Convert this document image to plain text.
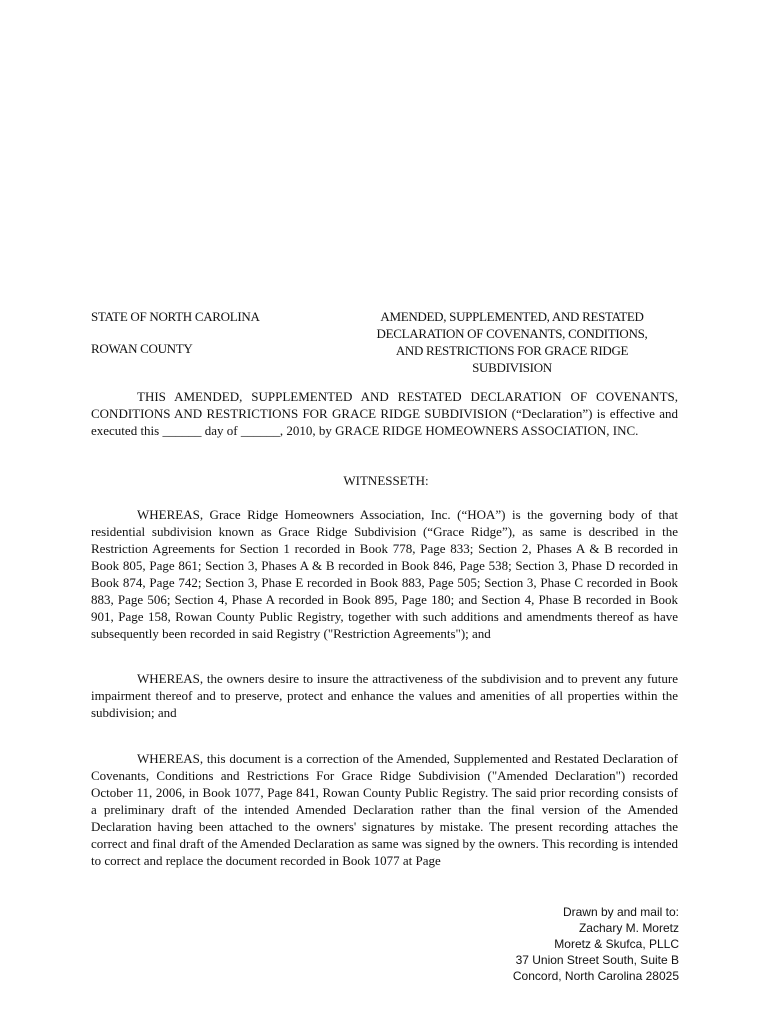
STATE OF NORTH CAROLINA
ROWAN COUNTY
AMENDED, SUPPLEMENTED, AND RESTATED
DECLARATION OF COVENANTS, CONDITIONS,
AND RESTRICTIONS FOR GRACE RIDGE
SUBDIVISION

THIS AMENDED, SUPPLEMENTED AND RESTATED DECLARATION OF COVENANTS, CONDITIONS AND RESTRICTIONS FOR GRACE RIDGE SUBDIVISION (“Declaration”) is effective and executed this ______ day of ______, 2010, by GRACE RIDGE HOMEOWNERS ASSOCIATION, INC.

WITNESSETH:

WHEREAS, Grace Ridge Homeowners Association, Inc. (“HOA”) is the governing body of that residential subdivision known as Grace Ridge Subdivision (“Grace Ridge”), as same is described in the Restriction Agreements for Section 1 recorded in Book 778, Page 833; Section 2, Phases A & B recorded in Book 805, Page 861; Section 3, Phases A & B recorded in Book 846, Page 538; Section 3, Phase D recorded in Book 874, Page 742; Section 3, Phase E recorded in Book 883, Page 505; Section 3, Phase C recorded in Book 883, Page 506; Section 4, Phase A recorded in Book 895, Page 180; and Section 4, Phase B recorded in Book 901, Page 158, Rowan County Public Registry, together with such additions and amendments thereof as have subsequently been recorded in said Registry ("Restriction Agreements"); and

WHEREAS, the owners desire to insure the attractiveness of the subdivision and to prevent any future impairment thereof and to preserve, protect and enhance the values and amenities of all properties within the subdivision; and

WHEREAS, this document is a correction of the Amended, Supplemented and Restated Declaration of Covenants, Conditions and Restrictions For Grace Ridge Subdivision ("Amended Declaration") recorded October 11, 2006, in Book 1077, Page 841, Rowan County Public Registry. The said prior recording consists of a preliminary draft of the intended Amended Declaration rather than the final version of the Amended Declaration having been attached to the owners' signatures by mistake. The present recording attaches the correct and final draft of the Amended Declaration as same was signed by the owners. This recording is intended to correct and replace the document recorded in Book 1077 at Page

Drawn by and mail to:
Zachary M. Moretz
Moretz & Skufca, PLLC
37 Union Street South, Suite B
Concord, North Carolina 28025
